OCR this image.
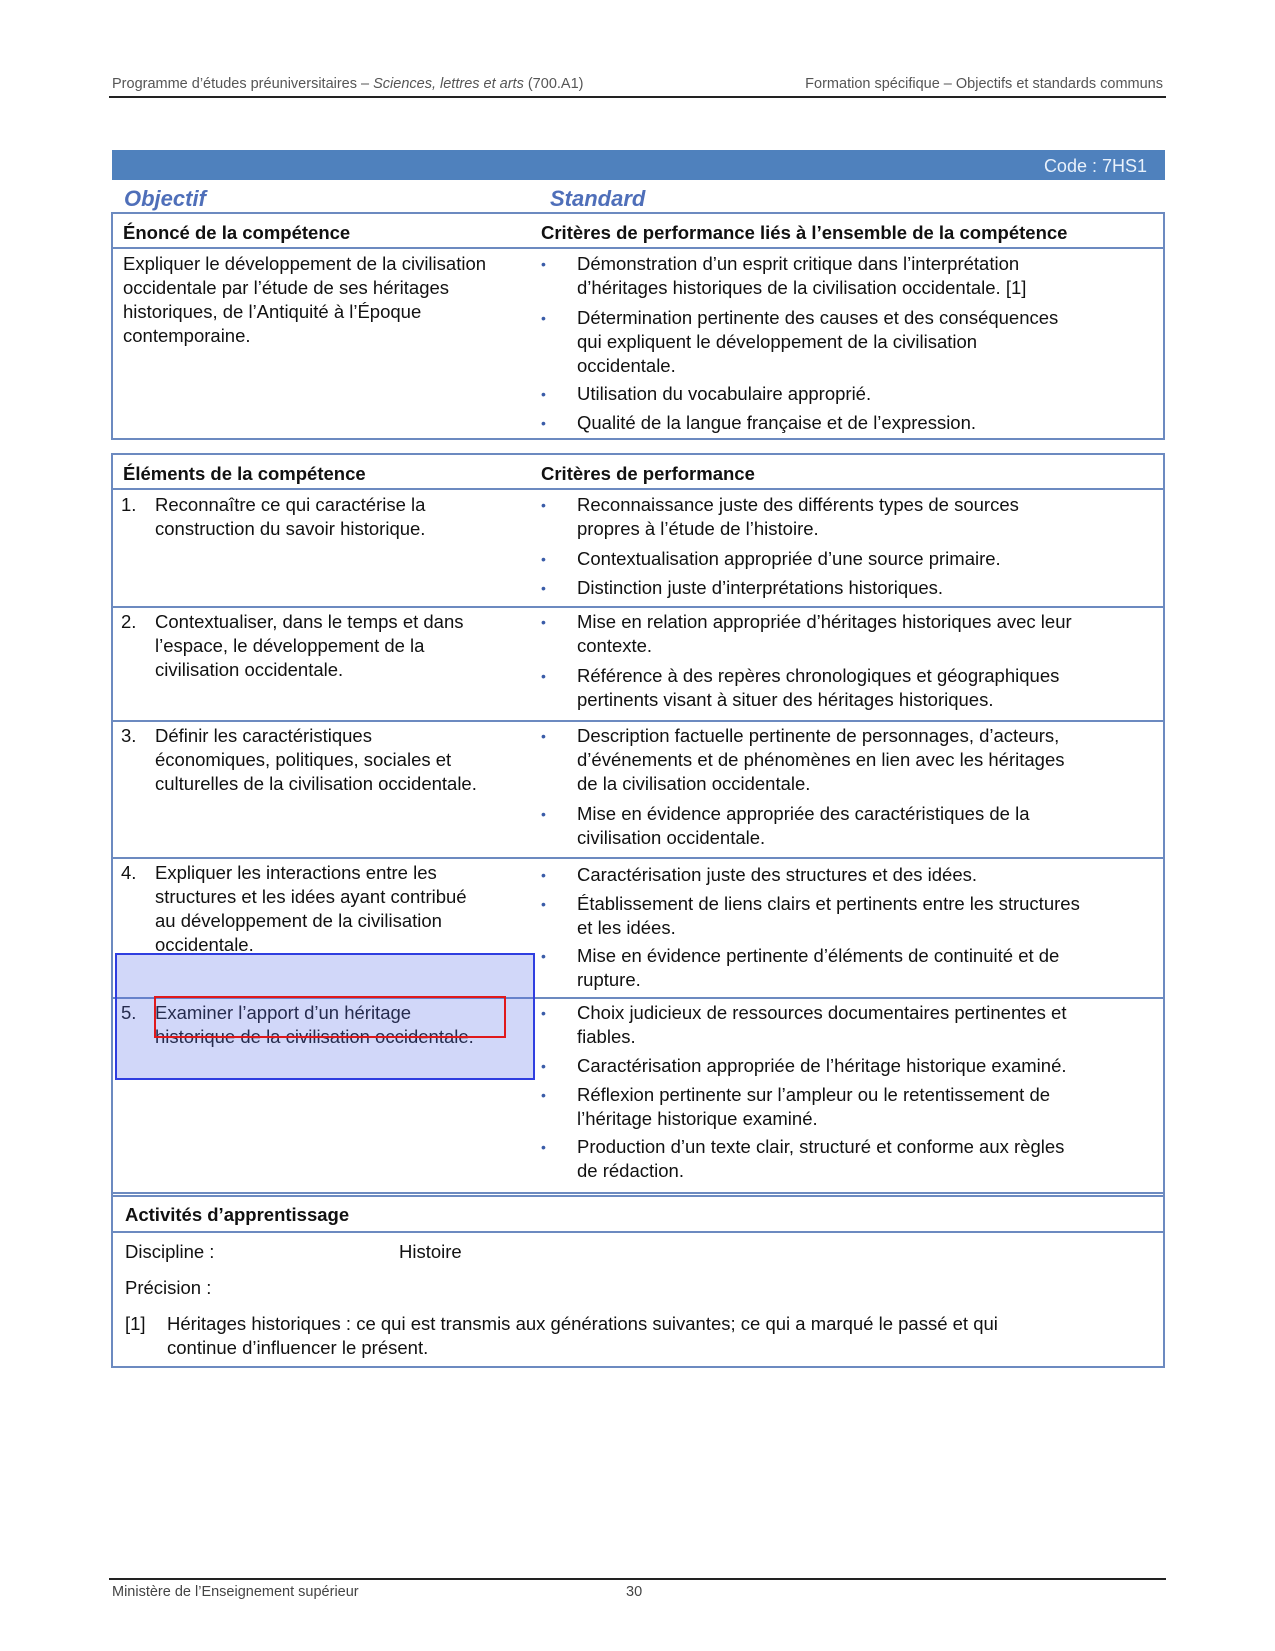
Programme d’études préuniversitaires – Sciences, lettres et arts (700.A1)	Formation spécifique – Objectifs et standards communs
Code : 7HS1
Objectif	Standard
Énoncé de la compétence	Critères de performance liés à l’ensemble de la compétence
Expliquer le développement de la civilisation
occidentale par l’étude de ses héritages
historiques, de l’Antiquité à l’Époque
contemporaine.
• Démonstration d’un esprit critique dans l’interprétation
d’héritages historiques de la civilisation occidentale. [1]
• Détermination pertinente des causes et des conséquences
qui expliquent le développement de la civilisation
occidentale.
• Utilisation du vocabulaire approprié.
• Qualité de la langue française et de l’expression.
Éléments de la compétence	Critères de performance
1. Reconnaître ce qui caractérise la
construction du savoir historique.
• Reconnaissance juste des différents types de sources
propres à l’étude de l’histoire.
• Contextualisation appropriée d’une source primaire.
• Distinction juste d’interprétations historiques.
2. Contextualiser, dans le temps et dans
l’espace, le développement de la
civilisation occidentale.
• Mise en relation appropriée d’héritages historiques avec leur
contexte.
• Référence à des repères chronologiques et géographiques
pertinents visant à situer des héritages historiques.
3. Définir les caractéristiques
économiques, politiques, sociales et
culturelles de la civilisation occidentale.
• Description factuelle pertinente de personnages, d’acteurs,
d’événements et de phénomènes en lien avec les héritages
de la civilisation occidentale.
• Mise en évidence appropriée des caractéristiques de la
civilisation occidentale.
4. Expliquer les interactions entre les
structures et les idées ayant contribué
au développement de la civilisation
occidentale.
• Caractérisation juste des structures et des idées.
• Établissement de liens clairs et pertinents entre les structures
et les idées.
• Mise en évidence pertinente d’éléments de continuité et de
rupture.
5. Examiner l’apport d’un héritage
historique de la civilisation occidentale.
• Choix judicieux de ressources documentaires pertinentes et
fiables.
• Caractérisation appropriée de l’héritage historique examiné.
• Réflexion pertinente sur l’ampleur ou le retentissement de
l’héritage historique examiné.
• Production d’un texte clair, structuré et conforme aux règles
de rédaction.
Activités d’apprentissage
Discipline :	Histoire
Précision :
[1] Héritages historiques : ce qui est transmis aux générations suivantes; ce qui a marqué le passé et qui
continue d’influencer le présent.
Ministère de l’Enseignement supérieur	30
